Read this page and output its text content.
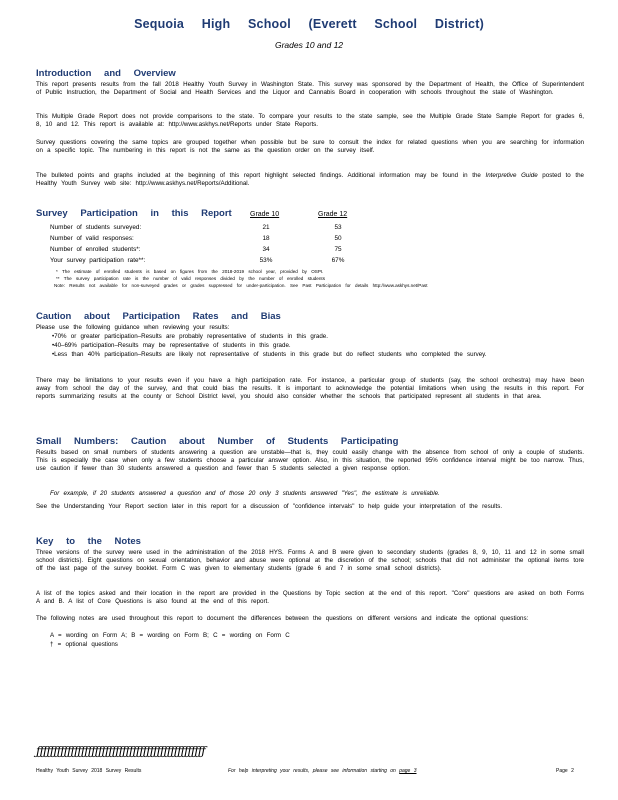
Sequoia High School (Everett School District)
Grades 10 and 12
Introduction and Overview
This report presents results from the fall 2018 Healthy Youth Survey in Washington State. This survey was sponsored by the Department of Health, the Office of Superintendent of Public Instruction, the Department of Social and Health Services and the Liquor and Cannabis Board in cooperation with schools throughout the state of Washington.
This Multiple Grade Report does not provide comparisons to the state. To compare your results to the state sample, see the Multiple Grade State Sample Report for grades 6, 8, 10 and 12. This report is available at: http://www.askhys.net/Reports under State Reports.
Survey questions covering the same topics are grouped together when possible but be sure to consult the index for related questions when you are searching for information on a specific topic. The numbering in this report is not the same as the question order on the survey itself.
The bulleted points and graphs included at the beginning of this report highlight selected findings. Additional information may be found in the Interpretive Guide posted to the Healthy Youth Survey web site: http://www.askhys.net/Reports/Additional.
Survey Participation in this Report	Grade 10	Grade 12
Number of students surveyed:	21	53
Number of valid responses:	18	50
Number of enrolled students*:	34	75
Your survey participation rate**:	53%	67%
* The estimate of enrolled students is based on figures from the 2018-2019 school year, provided by OSPI.
** The survey participation rate is the number of valid responses divided by the number of enrolled students
Note: Results not available for non-surveyed grades or grades suppressed for under-participation. See Past Participation for details http://www.askhys.net/Past
Caution about Participation Rates and Bias
Please use the following guidance when reviewing your results:
•70% or greater participation–Results are probably representative of students in this grade.
•40–69% participation–Results may be representative of students in this grade.
•Less than 40% participation–Results are likely not representative of students in this grade but do reflect students who completed the survey.
There may be limitations to your results even if you have a high participation rate. For instance, a particular group of students (say, the school orchestra) may have been away from school the day of the survey, and that could bias the results. It is important to acknowledge the potential limitations when using the results in this report. For reports summarizing results at the county or School District level, you should also consider whether the schools that participated represent all students in that area.
Small Numbers: Caution about Number of Students Participating
Results based on small numbers of students answering a question are unstable—that is, they could easily change with the absence from school of only a couple of students. This is especially the case when only a few students choose a particular answer option. Also, in this situation, the reported 95% confidence interval might be too narrow. Thus, use caution if fewer than 30 students answered a question and fewer than 5 students selected a given response option.
For example, if 20 students answered a question and of those 20 only 3 students answered "Yes", the estimate is unreliable.
See the Understanding Your Report section later in this report for a discussion of "confidence intervals" to help guide your interpretation of the results.
Key to the Notes
Three versions of the survey were used in the administration of the 2018 HYS. Forms A and B were given to secondary students (grades 8, 9, 10, 11 and 12 in some small school districts). Eight questions on sexual orientation, behavior and abuse were optional at the discretion of the school; schools that did not administer the optional items tore off the last page of the survey booklet. Form C was given to elementary students (grade 6 and 7 in some small school districts).
A list of the topics asked and their location in the report are provided in the Questions by Topic section at the end of this report. "Core" questions are asked on both Forms A and B. A list of Core Questions is also found at the end of this report.
The following notes are used throughout this report to document the differences between the questions on different versions and indicate the optional questions:
A = wording on Form A; B = wording on Form B; C = wording on Form C
† = optional questions
ƒƒƒƒƒƒƒƒƒƒƒƒƒƒƒƒƒƒƒƒƒƒƒƒƒƒƒƒƒƒƒƒƒƒƒƒƒƒƒƒƒƒƒƒƒƒƒƒƒ
Healthy Youth Survey 2018 Survey Results	For help interpreting your results, please see information starting on page 3	Page 2
